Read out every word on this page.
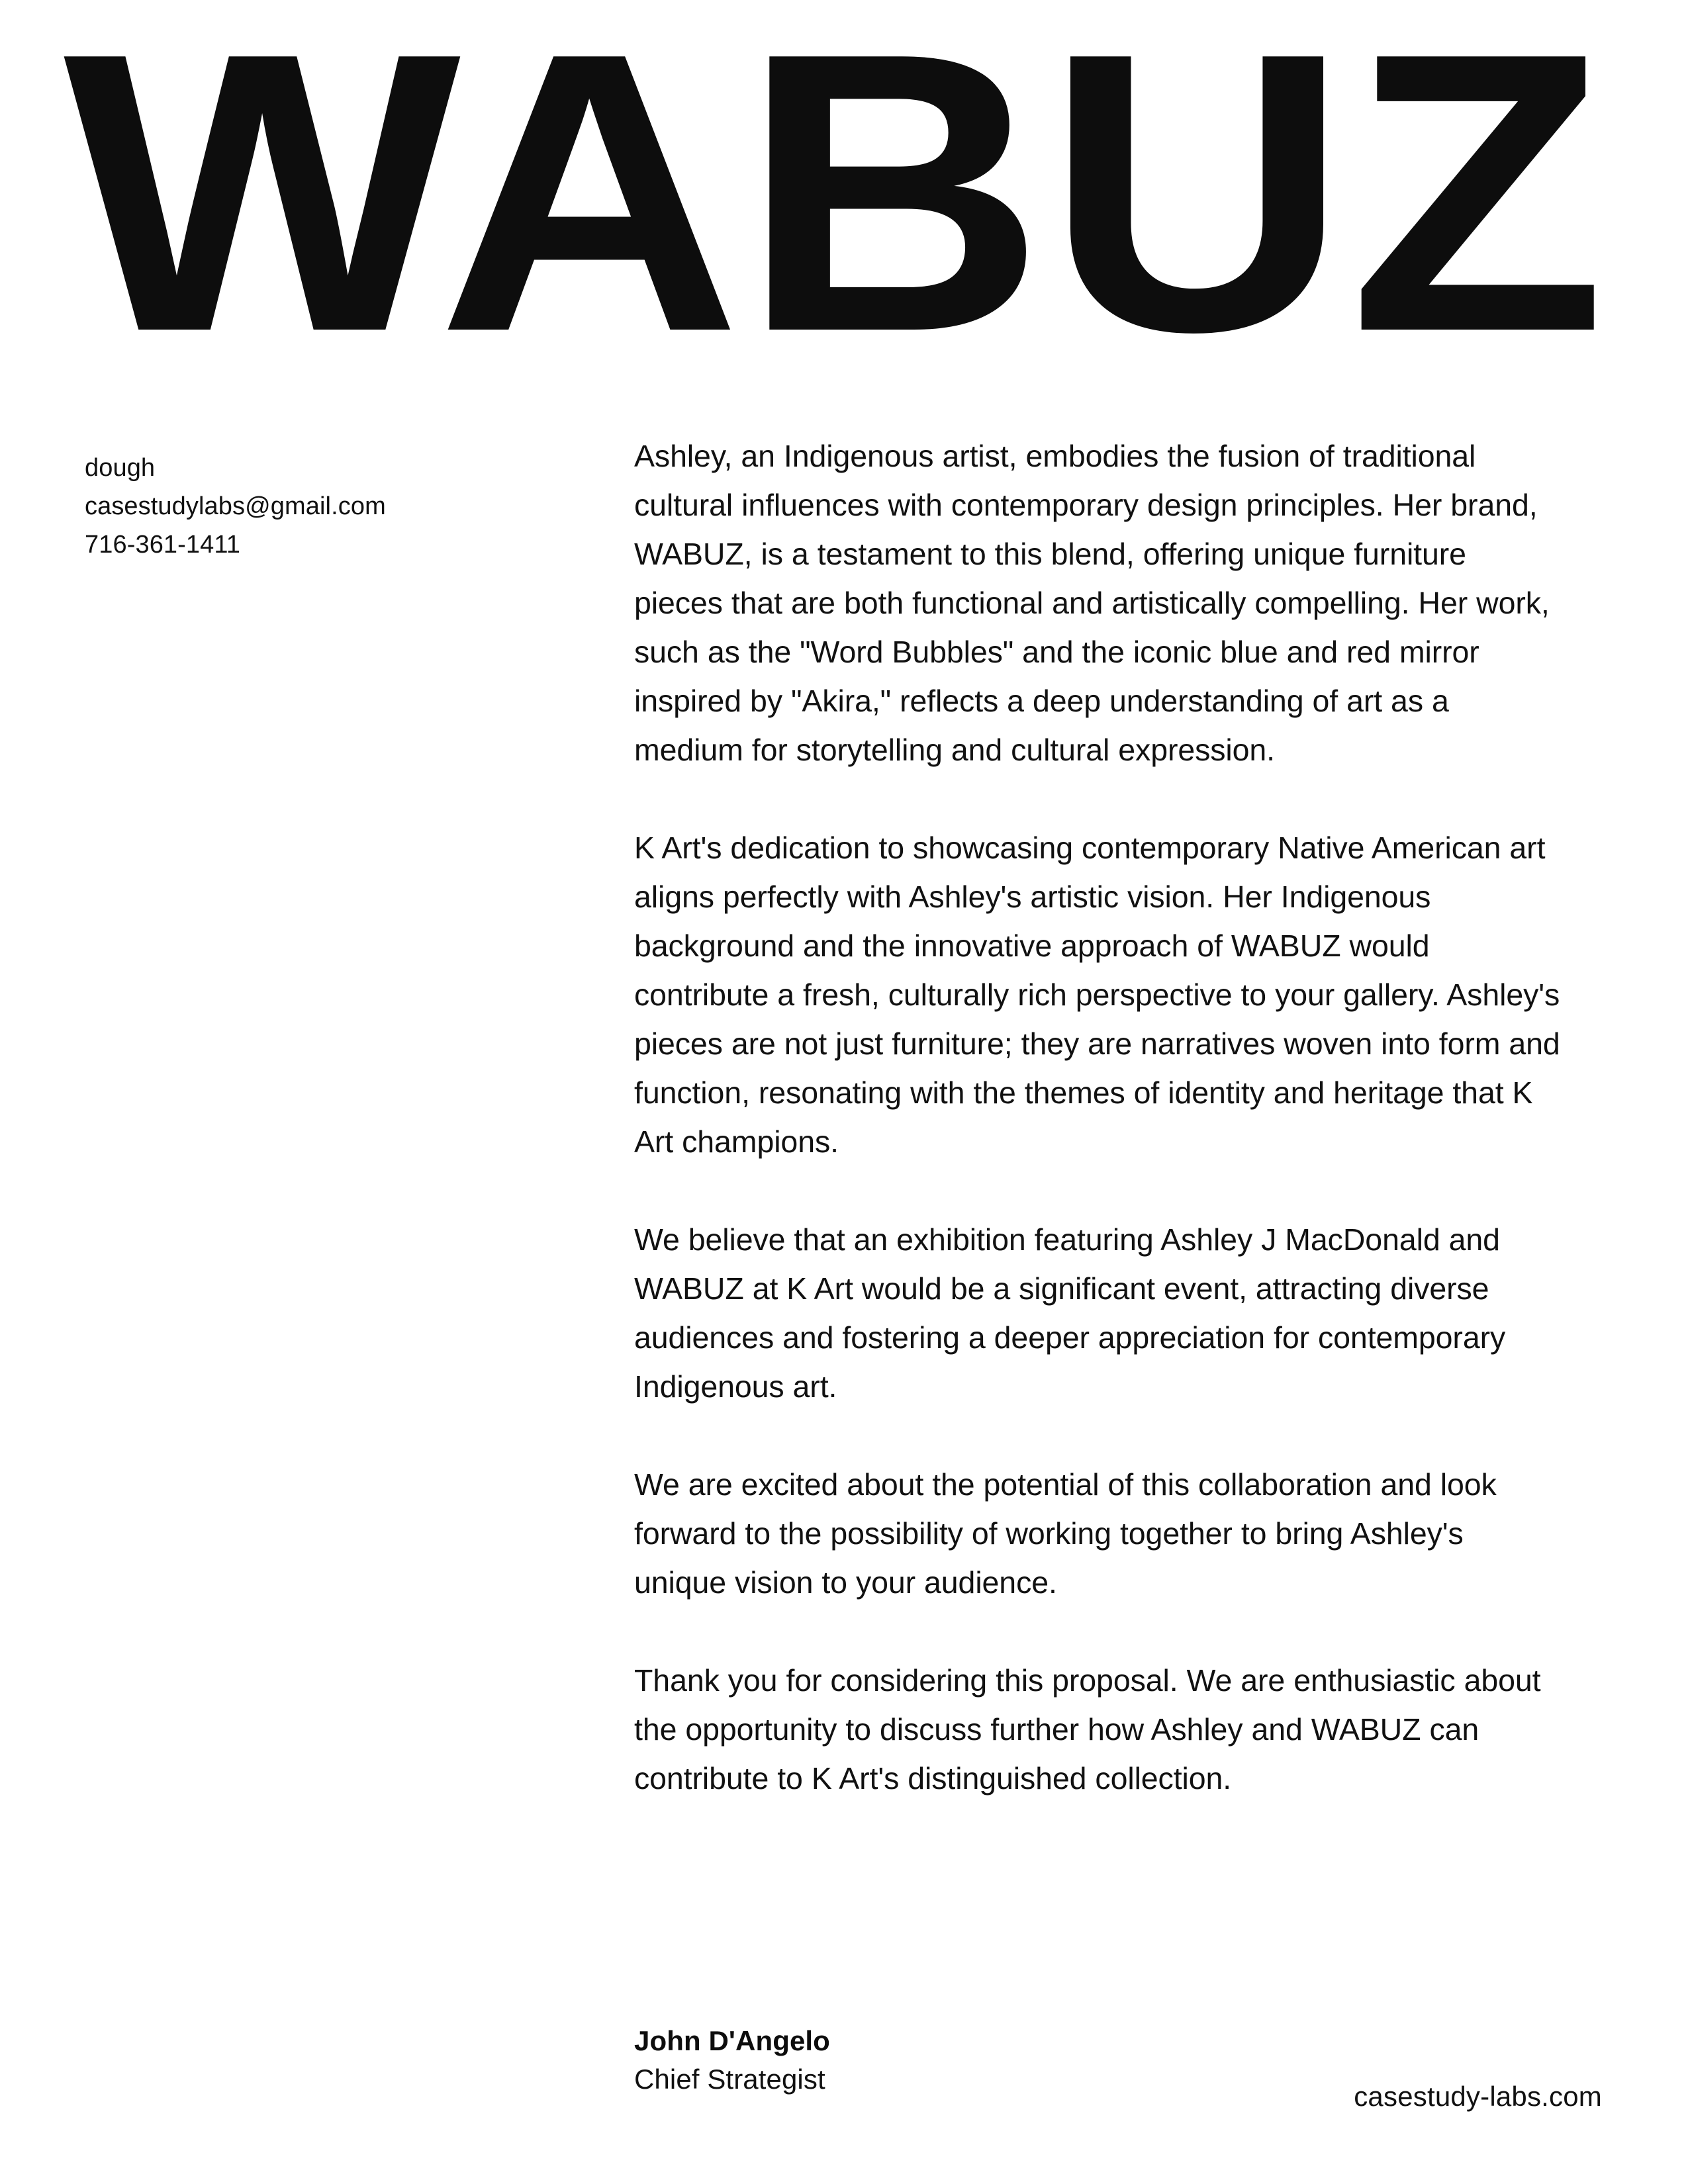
WABUZ
dough
casestudylabs@gmail.com
716-361-1411

Ashley, an Indigenous artist, embodies the fusion of traditional cultural influences with contemporary design principles. Her brand, WABUZ, is a testament to this blend, offering unique furniture pieces that are both functional and artistically compelling. Her work, such as the "Word Bubbles" and the iconic blue and red mirror inspired by "Akira," reflects a deep understanding of art as a medium for storytelling and cultural expression.

K Art's dedication to showcasing contemporary Native American art aligns perfectly with Ashley's artistic vision. Her Indigenous background and the innovative approach of WABUZ would contribute a fresh, culturally rich perspective to your gallery. Ashley's pieces are not just furniture; they are narratives woven into form and function, resonating with the themes of identity and heritage that K Art champions.

We believe that an exhibition featuring Ashley J MacDonald and WABUZ at K Art would be a significant event, attracting diverse audiences and fostering a deeper appreciation for contemporary Indigenous art.

We are excited about the potential of this collaboration and look forward to the possibility of working together to bring Ashley's unique vision to your audience.

Thank you for considering this proposal. We are enthusiastic about the opportunity to discuss further how Ashley and WABUZ can contribute to K Art's distinguished collection.

John D'Angelo
Chief Strategist
casestudy-labs.com
